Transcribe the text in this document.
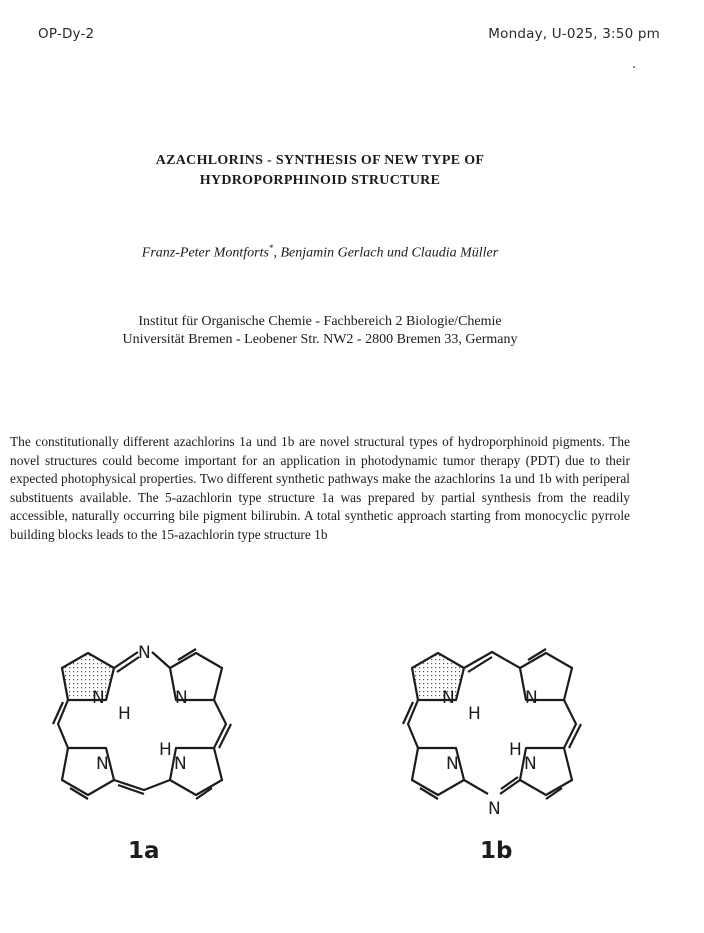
OP-Dy-2	Monday, U-025, 3:50 pm
AZACHLORINS - SYNTHESIS OF NEW TYPE OF
HYDROPORPHINOID STRUCTURE
Franz-Peter Montforts*, Benjamin Gerlach und Claudia Müller
Institut für Organische Chemie - Fachbereich 2 Biologie/Chemie
Universität Bremen - Leobener Str. NW2 - 2800 Bremen 33, Germany
The constitutionally different azachlorins 1a und 1b are novel structural types of hydroporphinoid pigments. The novel structures could become important for an application in photodynamic tumor therapy (PDT) due to their expected photophysical properties. Two different synthetic pathways make the azachlorins 1a und 1b with periperal substituents available. The 5-azachlorin type structure 1a was prepared by partial synthesis from the readily accessible, naturally occurring bile pigment bilirubin. A total synthetic approach starting from monocyclic pyrrole building blocks leads to the 15-azachlorin type structure 1b
N
N
H
N
H
N	N
N
H
N
H
N	N
N
1a	1b
